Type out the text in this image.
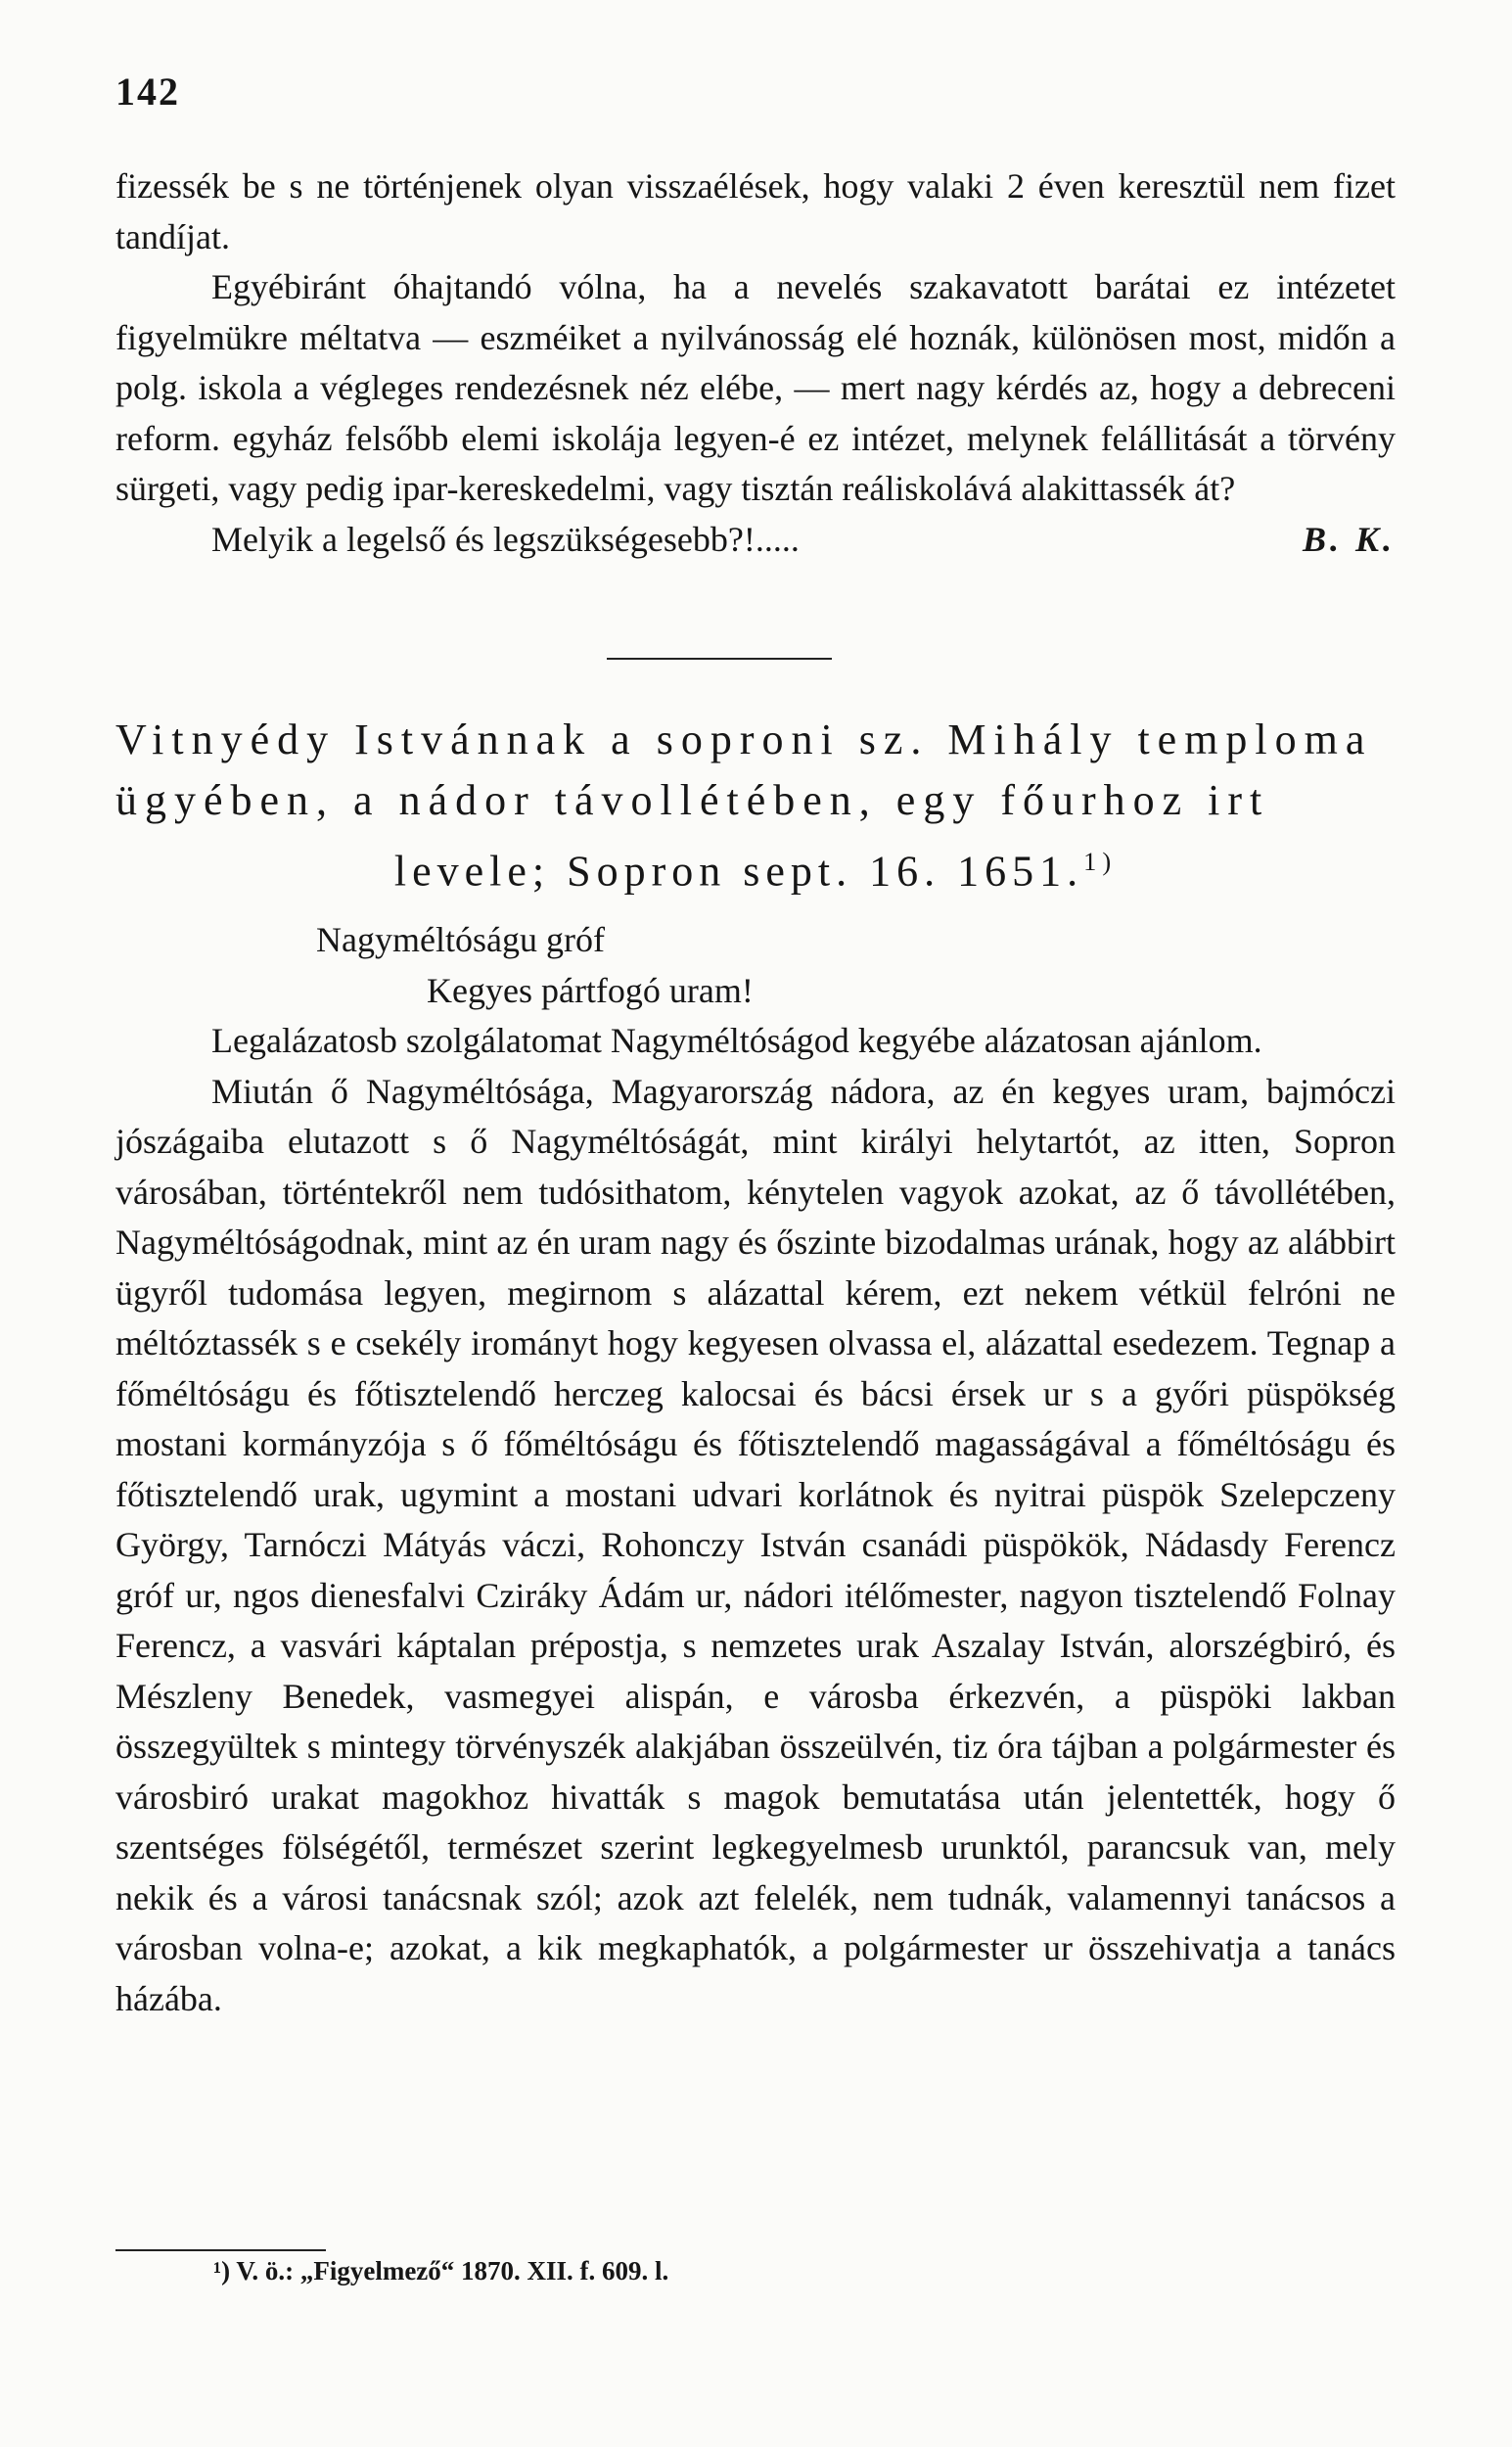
142

fizessék be s ne történjenek olyan visszaélések, hogy valaki 2 éven keresztül nem fizet tandíjat.

Egyébiránt óhajtandó vólna, ha a nevelés szakavatott barátai ez intézetet figyelmükre méltatva — eszméiket a nyilvánosság elé hoznák, különösen most, midőn a polg. iskola a végleges rendezésnek néz elébe, — mert nagy kérdés az, hogy a debreceni reform. egyház felsőbb elemi iskolája legyen-é ez intézet, melynek felállitását a törvény sürgeti, vagy pedig ipar-kereskedelmi, vagy tisztán reáliskolává alakittassék át?

Melyik a legelső és legszükségesebb?!.....	B. K.
Vitnyédy Istvánnak a soproni sz. Mihály temploma
ügyében, a nádor távollétében, egy főurhoz irt
levele; Sopron sept. 16. 1651.$^{1)}$

Nagyméltóságu gróf

Kegyes pártfogó uram!

Legalázatosb szolgálatomat Nagyméltóságod kegyébe alázatosan ajánlom.

Miután ő Nagyméltósága, Magyarország nádora, az én kegyes uram, bajmóczi jószágaiba elutazott s ő Nagyméltóságát, mint királyi helytartót, az itten, Sopron városában, történtekről nem tudósithatom, kénytelen vagyok azokat, az ő távollétében, Nagyméltóságodnak, mint az én uram nagy és őszinte bizodalmas urának, hogy az alábbirt ügyről tudomása legyen, megirnom s alázattal kérem, ezt nekem vétkül felróni ne méltóztassék s e csekély irományt hogy kegyesen olvassa el, alázattal esedezem. Tegnap a főméltóságu és főtisztelendő herczeg kalocsai és bácsi érsek ur s a győri püspökség mostani kormányzója s ő főméltóságu és főtisztelendő magasságával a főméltóságu és főtisztelendő urak, ugymint a mostani udvari korlátnok és nyitrai püspök Szelepczeny György, Tarnóczi Mátyás váczi, Rohonczy István csanádi püspökök, Nádasdy Ferencz gróf ur, ngos dienesfalvi Cziráky Ádám ur, nádori itélőmester, nagyon tisztelendő Folnay Ferencz, a vasvári káptalan prépostja, s nemzetes urak Aszalay István, alorszégbiró, és Mészleny Benedek, vasmegyei alispán, e városba érkezvén, a püspöki lakban összegyültek s mintegy törvényszék alakjában összeülvén, tiz óra tájban a polgármester és városbiró urakat magokhoz hivatták s magok bemutatása után jelentették, hogy ő szentséges fölségétől, természet szerint legkegyelmesb urunktól, parancsuk van, mely nekik és a városi tanácsnak szól; azok azt felelék, nem tudnák, valamennyi tanácsos a városban volna-e; azokat, a kik megkaphatók, a polgármester ur összehivatja a tanács házába.

¹) V. ö.: „Figyelmező“ 1870. XII. f. 609. l.
